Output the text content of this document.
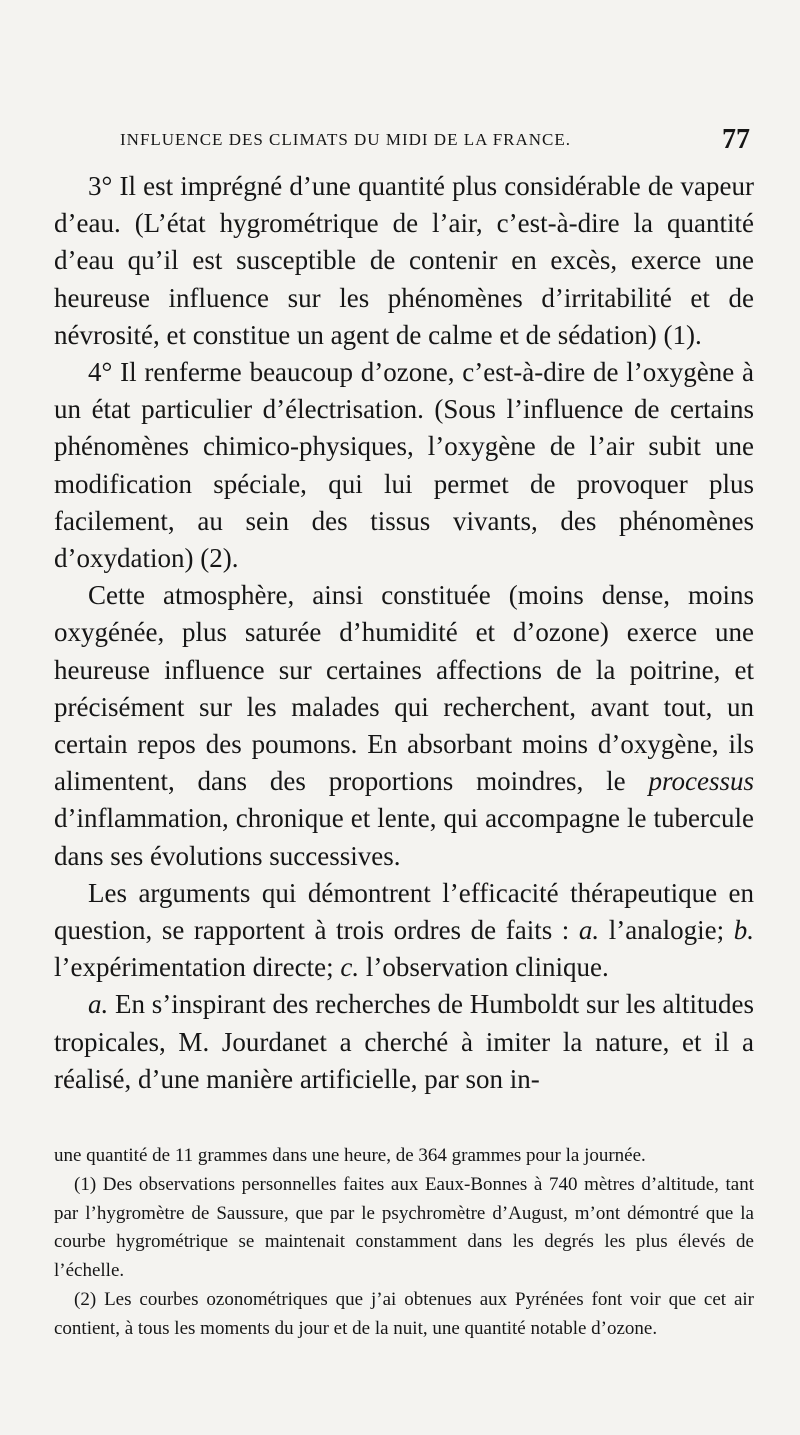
INFLUENCE DES CLIMATS DU MIDI DE LA FRANCE.	77

3° Il est imprégné d’une quantité plus considérable de vapeur d’eau. (L’état hygrométrique de l’air, c’est-à-dire la quantité d’eau qu’il est susceptible de contenir en excès, exerce une heureuse influence sur les phénomènes d’irritabilité et de névrosité, et constitue un agent de calme et de sédation) (1).

4° Il renferme beaucoup d’ozone, c’est-à-dire de l’oxygène à un état particulier d’électrisation. (Sous l’influence de certains phénomènes chimico-physiques, l’oxygène de l’air subit une modification spéciale, qui lui permet de provoquer plus facilement, au sein des tissus vivants, des phénomènes d’oxydation) (2).

Cette atmosphère, ainsi constituée (moins dense, moins oxygénée, plus saturée d’humidité et d’ozone) exerce une heureuse influence sur certaines affections de la poitrine, et précisément sur les malades qui recherchent, avant tout, un certain repos des poumons. En absorbant moins d’oxygène, ils alimentent, dans des proportions moindres, le processus d’inflammation, chronique et lente, qui accompagne le tubercule dans ses évolutions successives.

Les arguments qui démontrent l’efficacité thérapeutique en question, se rapportent à trois ordres de faits : a. l’analogie; b. l’expérimentation directe; c. l’observation clinique.

a. En s’inspirant des recherches de Humboldt sur les altitudes tropicales, M. Jourdanet a cherché à imiter la nature, et il a réalisé, d’une manière artificielle, par son in-

une quantité de 11 grammes dans une heure, de 364 grammes pour la journée.

(1) Des observations personnelles faites aux Eaux-Bonnes à 740 mètres d’altitude, tant par l’hygromètre de Saussure, que par le psychromètre d’August, m’ont démontré que la courbe hygrométrique se maintenait constamment dans les degrés les plus élevés de l’échelle.

(2) Les courbes ozonométriques que j’ai obtenues aux Pyrénées font voir que cet air contient, à tous les moments du jour et de la nuit, une quantité notable d’ozone.
